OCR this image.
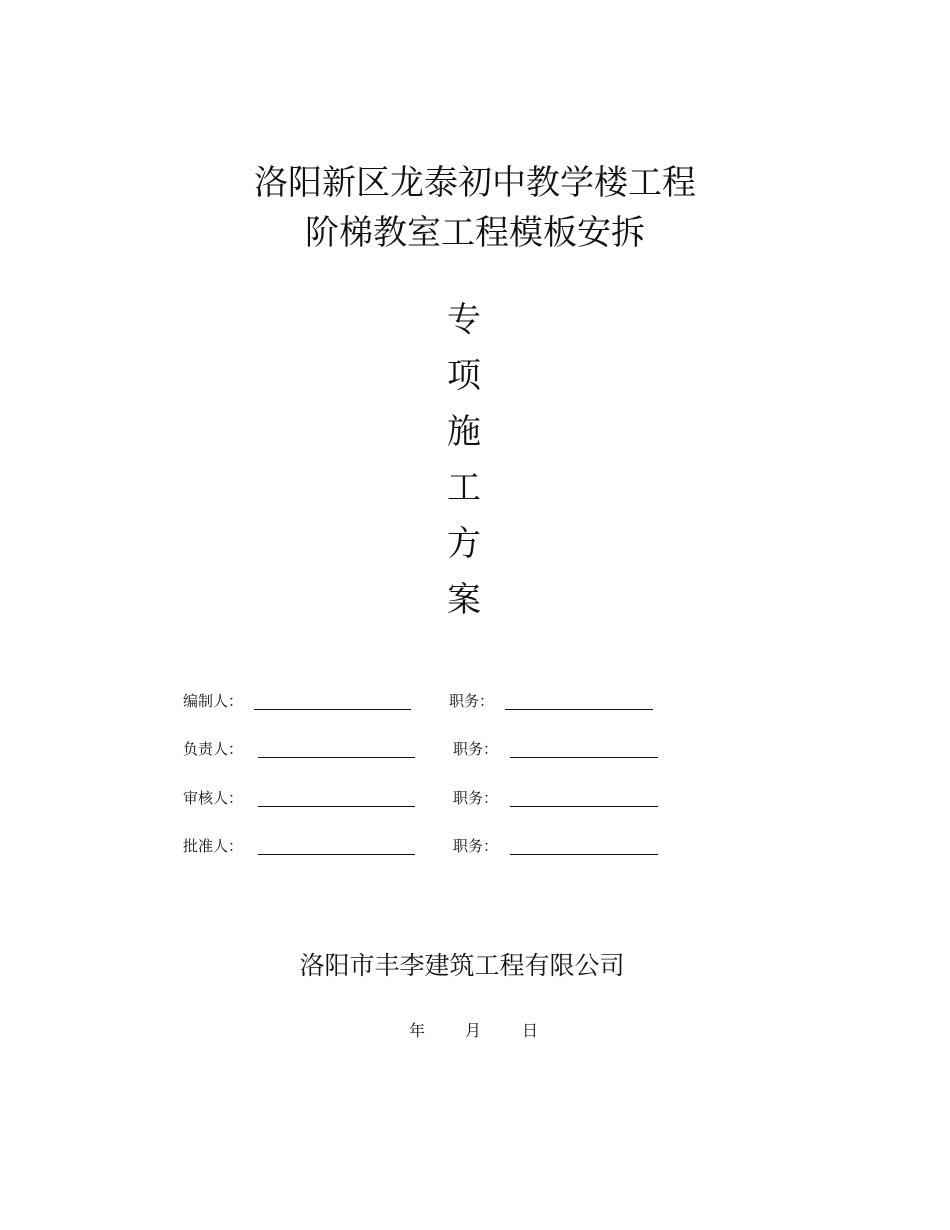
洛阳新区龙泰初中教学楼工程
阶梯教室工程模板安拆
专
项
施
工
方
案
编制人：	职务：
负责人：	职务：
审核人：	职务：
批准人：	职务：
洛阳市丰李建筑工程有限公司
年 月	日
